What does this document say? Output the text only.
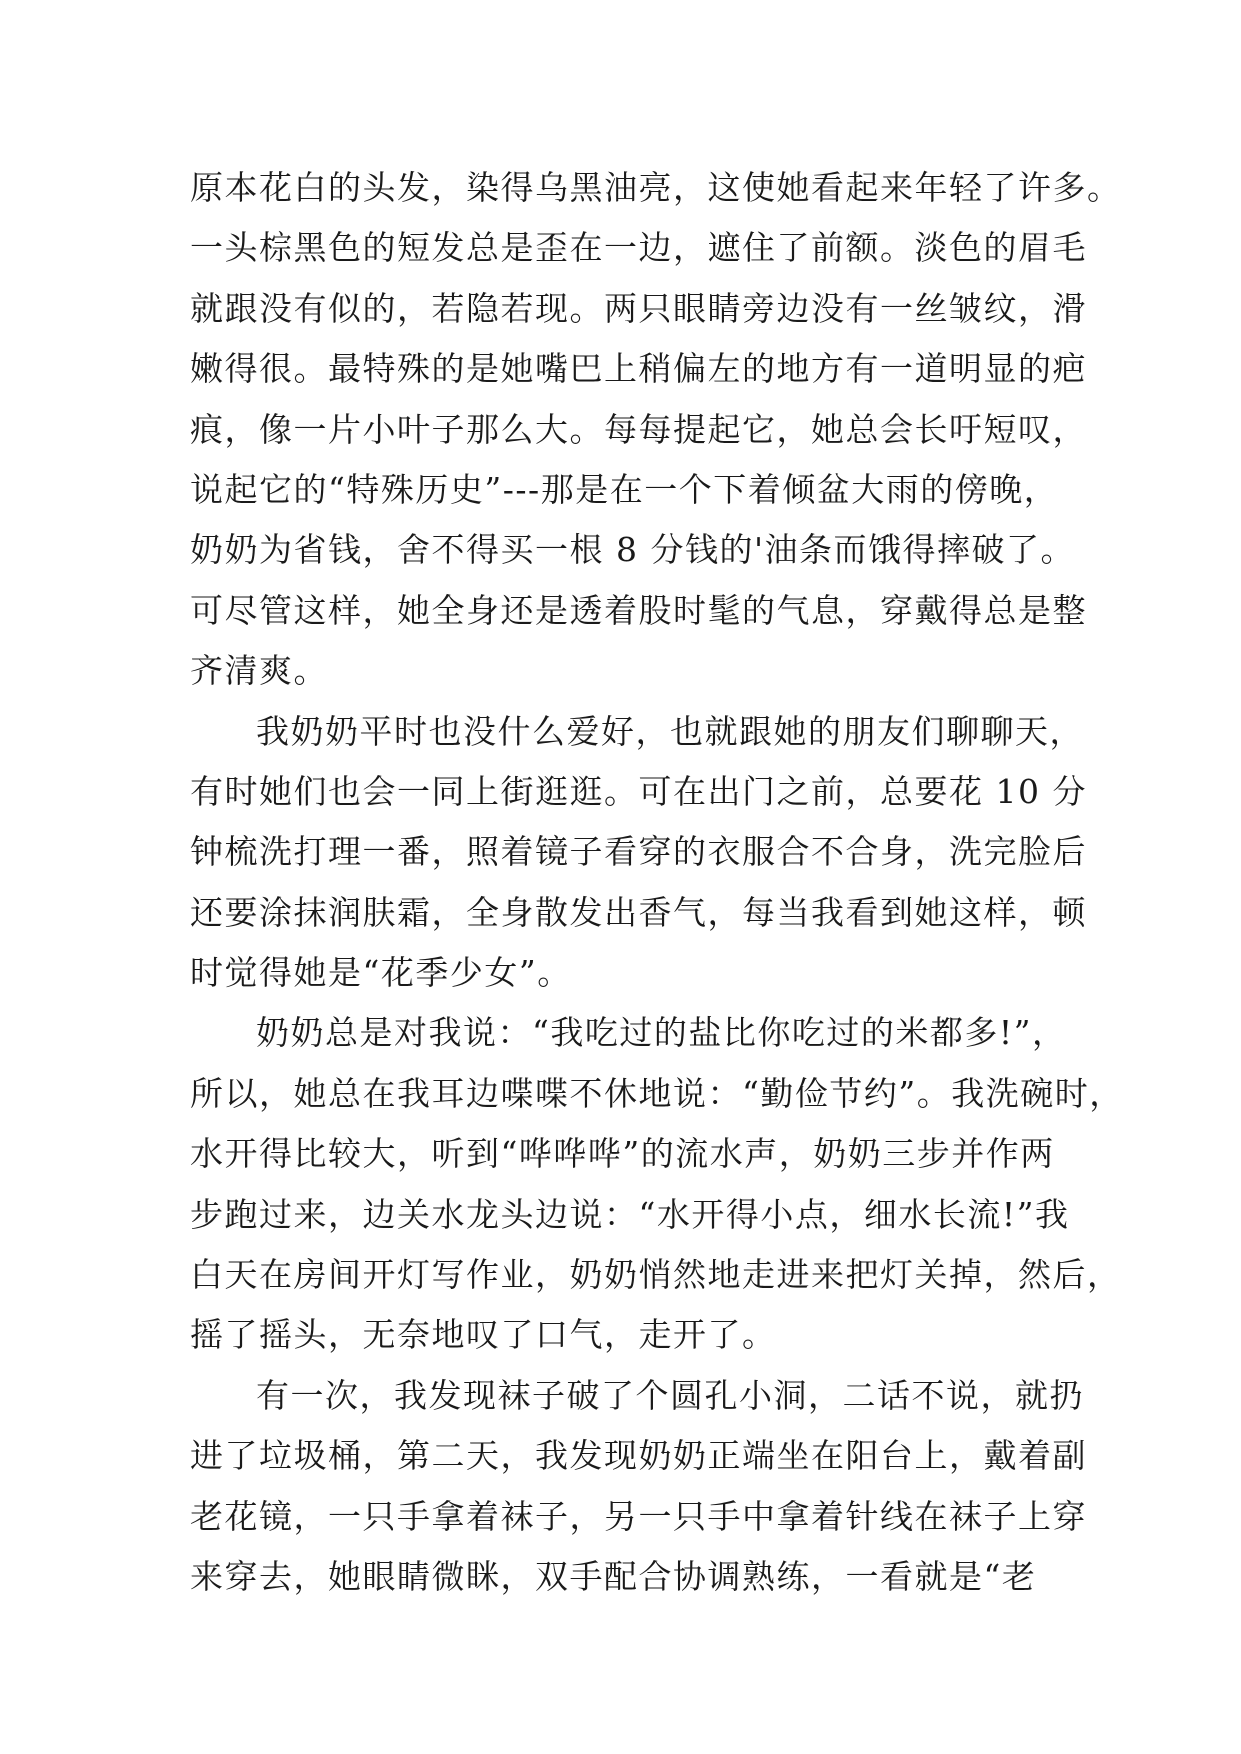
原本花白的头发，染得乌黑油亮，这使她看起来年轻了许多。
一头棕黑色的短发总是歪在一边，遮住了前额。淡色的眉毛
就跟没有似的，若隐若现。两只眼睛旁边没有一丝皱纹，滑
嫩得很。最特殊的是她嘴巴上稍偏左的地方有一道明显的疤
痕，像一片小叶子那么大。每每提起它，她总会长吁短叹，
说起它的“特殊历史”---那是在一个下着倾盆大雨的傍晚，
奶奶为省钱，舍不得买一根 8 分钱的'油条而饿得摔破了。
可尽管这样，她全身还是透着股时髦的气息，穿戴得总是整
齐清爽。
我奶奶平时也没什么爱好，也就跟她的朋友们聊聊天，
有时她们也会一同上街逛逛。可在出门之前，总要花 10 分
钟梳洗打理一番，照着镜子看穿的衣服合不合身，洗完脸后
还要涂抹润肤霜，全身散发出香气，每当我看到她这样，顿
时觉得她是“花季少女”。
奶奶总是对我说：“我吃过的盐比你吃过的米都多!”，
所以，她总在我耳边喋喋不休地说：“勤俭节约”。我洗碗时，
水开得比较大，听到“哗哗哗”的流水声，奶奶三步并作两
步跑过来，边关水龙头边说：“水开得小点，细水长流!”我
白天在房间开灯写作业，奶奶悄然地走进来把灯关掉，然后，
摇了摇头，无奈地叹了口气，走开了。
有一次，我发现袜子破了个圆孔小洞，二话不说，就扔
进了垃圾桶，第二天，我发现奶奶正端坐在阳台上，戴着副
老花镜，一只手拿着袜子，另一只手中拿着针线在袜子上穿
来穿去，她眼睛微眯，双手配合协调熟练，一看就是“老
